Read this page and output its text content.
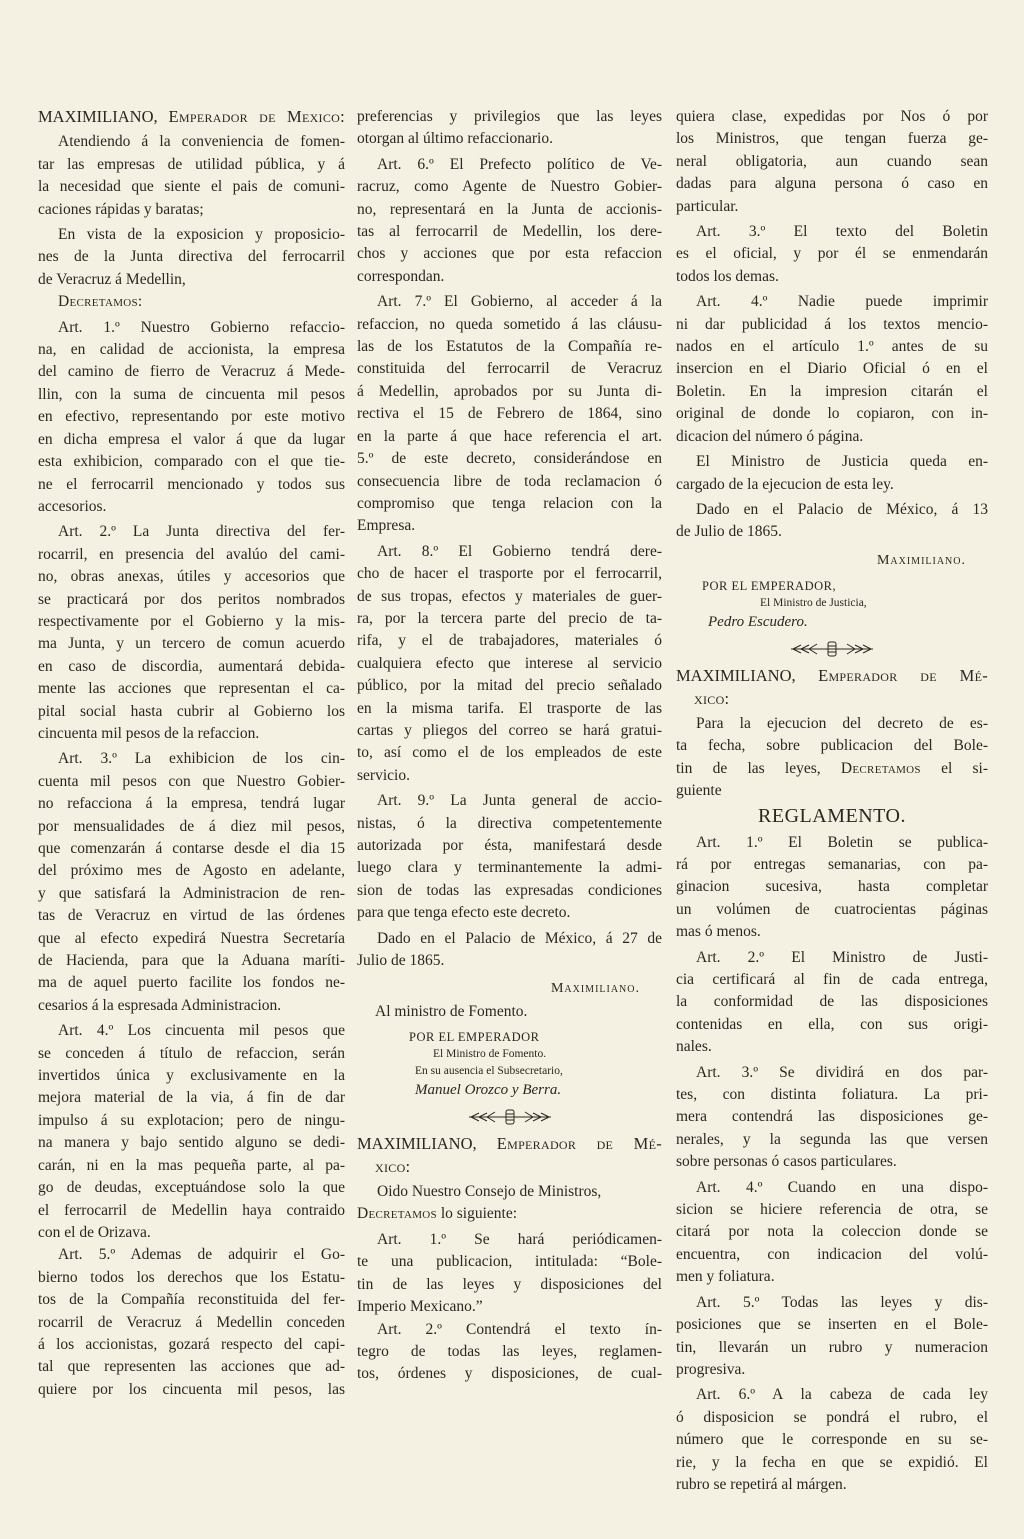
MAXIMILIANO, Emperador de Mexico:
Atendiendo á la conveniencia de fomen-
tar las empresas de utilidad pública, y á
la necesidad que siente el pais de comuni-
caciones rápidas y baratas;
En vista de la exposicion y proposicio-
nes de la Junta directiva del ferrocarril
de Veracruz á Medellin,
Decretamos:
Art. 1.º Nuestro Gobierno refaccio-
na, en calidad de accionista, la empresa
del camino de fierro de Veracruz á Mede-
llin, con la suma de cincuenta mil pesos
en efectivo, representando por este motivo
en dicha empresa el valor á que da lugar
esta exhibicion, comparado con el que tie-
ne el ferrocarril mencionado y todos sus
accesorios.
Art. 2.º La Junta directiva del fer-
rocarril, en presencia del avalúo del cami-
no, obras anexas, útiles y accesorios que
se practicará por dos peritos nombrados
respectivamente por el Gobierno y la mis-
ma Junta, y un tercero de comun acuerdo
en caso de discordia, aumentará debida-
mente las acciones que representan el ca-
pital social hasta cubrir al Gobierno los
cincuenta mil pesos de la refaccion.
Art. 3.º La exhibicion de los cin-
cuenta mil pesos con que Nuestro Gobier-
no refacciona á la empresa, tendrá lugar
por mensualidades de á diez mil pesos,
que comenzarán á contarse desde el dia 15
del próximo mes de Agosto en adelante,
y que satisfará la Administracion de ren-
tas de Veracruz en virtud de las órdenes
que al efecto expedirá Nuestra Secretaría
de Hacienda, para que la Aduana maríti-
ma de aquel puerto facilite los fondos ne-
cesarios á la espresada Administracion.
Art. 4.º Los cincuenta mil pesos que
se conceden á título de refaccion, serán
invertidos única y exclusivamente en la
mejora material de la via, á fin de dar
impulso á su explotacion; pero de ningu-
na manera y bajo sentido alguno se dedi-
carán, ni en la mas pequeña parte, al pa-
go de deudas, exceptuándose solo la que
el ferrocarril de Medellin haya contraido
con el de Orizava.
Art. 5.º Ademas de adquirir el Go-
bierno todos los derechos que los Estatu-
tos de la Compañía reconstituida del fer-
rocarril de Veracruz á Medellin conceden
á los accionistas, gozará respecto del capi-
tal que representen las acciones que ad-
quiere por los cincuenta mil pesos, las
preferencias y privilegios que las leyes
otorgan al último refaccionario.
Art. 6.º El Prefecto político de Ve-
racruz, como Agente de Nuestro Gobier-
no, representará en la Junta de accionis-
tas al ferrocarril de Medellin, los dere-
chos y acciones que por esta refaccion
correspondan.
Art. 7.º El Gobierno, al acceder á la
refaccion, no queda sometido á las cláusu-
las de los Estatutos de la Compañía re-
constituida del ferrocarril de Veracruz
á Medellin, aprobados por su Junta di-
rectiva el 15 de Febrero de 1864, sino
en la parte á que hace referencia el art.
5.º de este decreto, considerándose en
consecuencia libre de toda reclamacion ó
compromiso que tenga relacion con la
Empresa.
Art. 8.º El Gobierno tendrá dere-
cho de hacer el trasporte por el ferrocarril,
de sus tropas, efectos y materiales de guer-
ra, por la tercera parte del precio de ta-
rifa, y el de trabajadores, materiales ó
cualquiera efecto que interese al servicio
público, por la mitad del precio señalado
en la misma tarifa. El trasporte de las
cartas y pliegos del correo se hará gratui-
to, así como el de los empleados de este
servicio.
Art. 9.º La Junta general de accio-
nistas, ó la directiva competentemente
autorizada por ésta, manifestará desde
luego clara y terminantemente la admi-
sion de todas las expresadas condiciones
para que tenga efecto este decreto.
Dado en el Palacio de México, á 27 de
Julio de 1865.
Maximiliano.
Al ministro de Fomento.
POR EL EMPERADOR
El Ministro de Fomento.
En su ausencia el Subsecretario,
Manuel Orozco y Berra.
MAXIMILIANO, Emperador de Mé-
xico:
Oido Nuestro Consejo de Ministros,
Decretamos lo siguiente:
Art. 1.º Se hará periódicamen-
te una publicacion, intitulada: “Bole-
tin de las leyes y disposiciones del
Imperio Mexicano.”
Art. 2.º Contendrá el texto ín-
tegro de todas las leyes, reglamen-
tos, órdenes y disposiciones, de cual-
quiera clase, expedidas por Nos ó por
los Ministros, que tengan fuerza ge-
neral obligatoria, aun cuando sean
dadas para alguna persona ó caso en
particular.
Art. 3.º El texto del Boletin
es el oficial, y por él se enmendarán
todos los demas.
Art. 4.º Nadie puede imprimir
ni dar publicidad á los textos mencio-
nados en el artículo 1.º antes de su
insercion en el Diario Oficial ó en el
Boletin. En la impresion citarán el
original de donde lo copiaron, con in-
dicacion del número ó página.
El Ministro de Justicia queda en-
cargado de la ejecucion de esta ley.
Dado en el Palacio de México, á 13
de Julio de 1865.
Maximiliano.
POR EL EMPERADOR,
El Ministro de Justicia,
Pedro Escudero.
MAXIMILIANO, Emperador de Mé-
xico:
Para la ejecucion del decreto de es-
ta fecha, sobre publicacion del Bole-
tin de las leyes, Decretamos el si-
guiente
REGLAMENTO.
Art. 1.º El Boletin se publica-
rá por entregas semanarias, con pa-
ginacion sucesiva, hasta completar
un volúmen de cuatrocientas páginas
mas ó menos.
Art. 2.º El Ministro de Justi-
cia certificará al fin de cada entrega,
la conformidad de las disposiciones
contenidas en ella, con sus origi-
nales.
Art. 3.º Se dividirá en dos par-
tes, con distinta foliatura. La pri-
mera contendrá las disposiciones ge-
nerales, y la segunda las que versen
sobre personas ó casos particulares.
Art. 4.º Cuando en una dispo-
sicion se hiciere referencia de otra, se
citará por nota la coleccion donde se
encuentra, con indicacion del volú-
men y foliatura.
Art. 5.º Todas las leyes y dis-
posiciones que se inserten en el Bole-
tin, llevarán un rubro y numeracion
progresiva.
Art. 6.º A la cabeza de cada ley
ó disposicion se pondrá el rubro, el
número que le corresponde en su se-
rie, y la fecha en que se expidió. El
rubro se repetirá al márgen.
